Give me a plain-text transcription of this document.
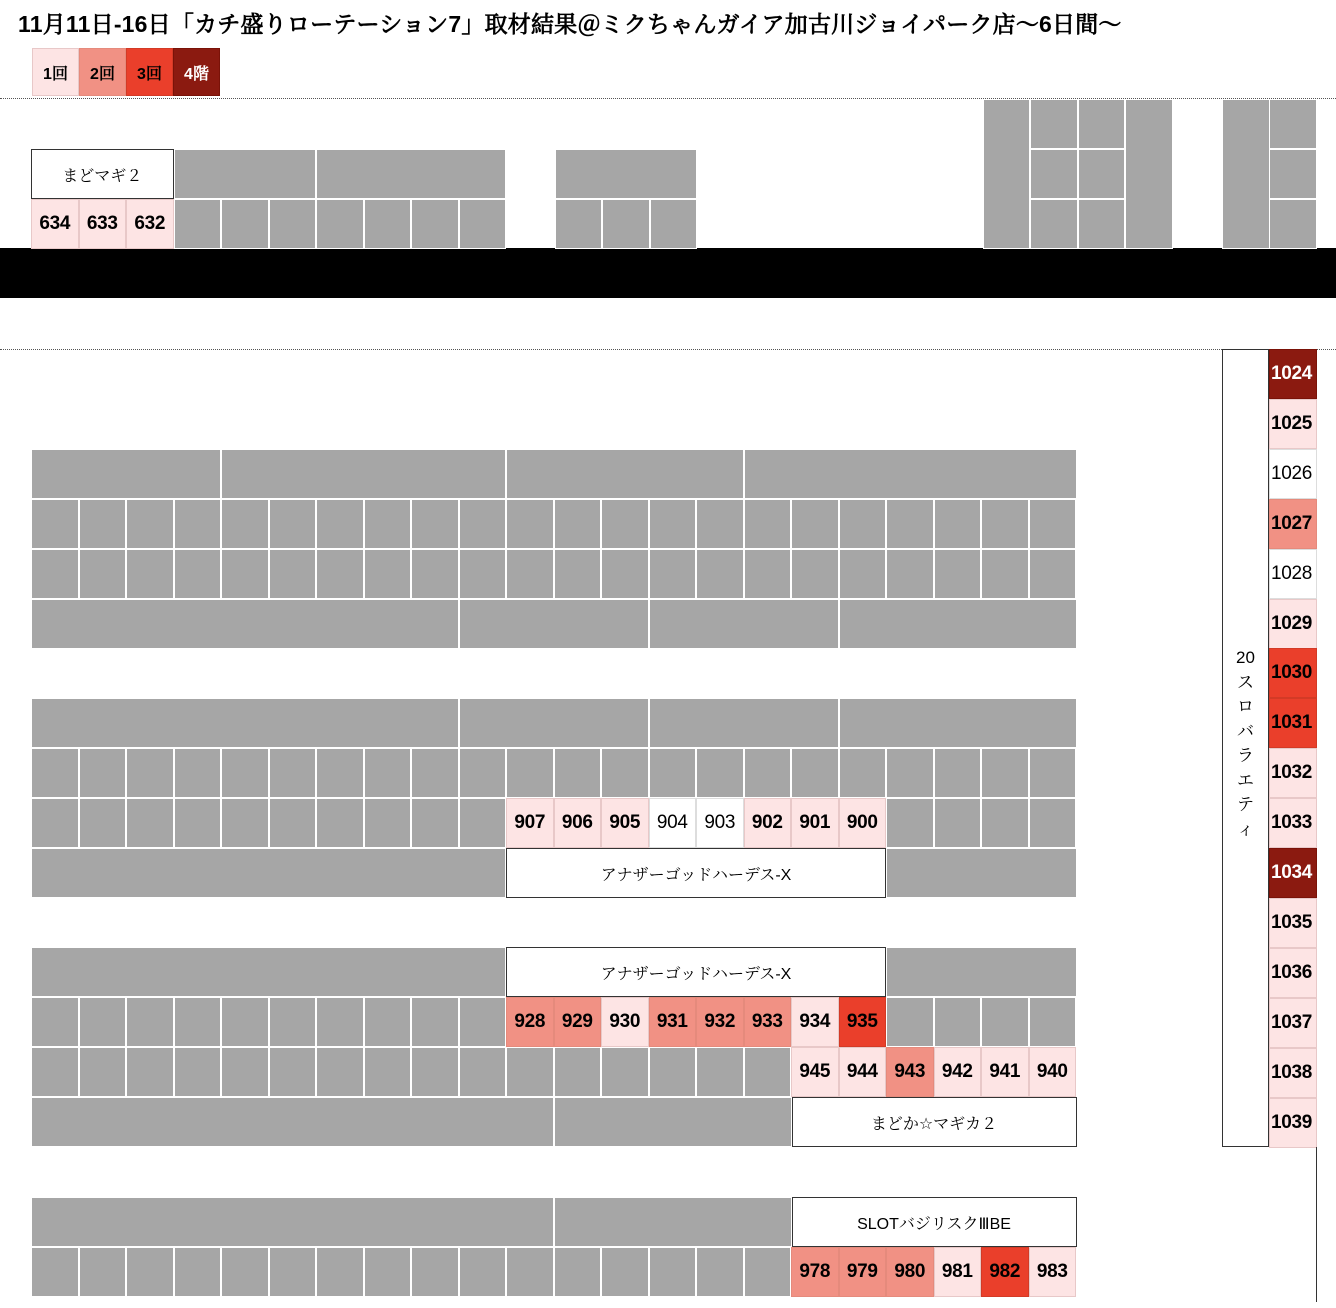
11月11日-16日「カチ盛りローテーション7」取材結果＠ミクちゃんガイア加古川ジョイパーク店〜6日間〜
1回	2回	3回	4階
まどマギ２
634 633 632
907 906 905 904 903 902 901 900
アナザーゴッドハーデス-X
アナザーゴッドハーデス-X
928 929 930 931 932 933 934 935
945 944 943 942 941 940
まどか☆マギカ２
SLOTバジリスクⅢBE
978 979 980 981 982 983
1024
1025
1026
1027
1028
1029
1030
1031
1032
1033
1034
1035
1036
1037
1038
1039
20
ス
ロ
バ
ラ
エ
テ
ィ
